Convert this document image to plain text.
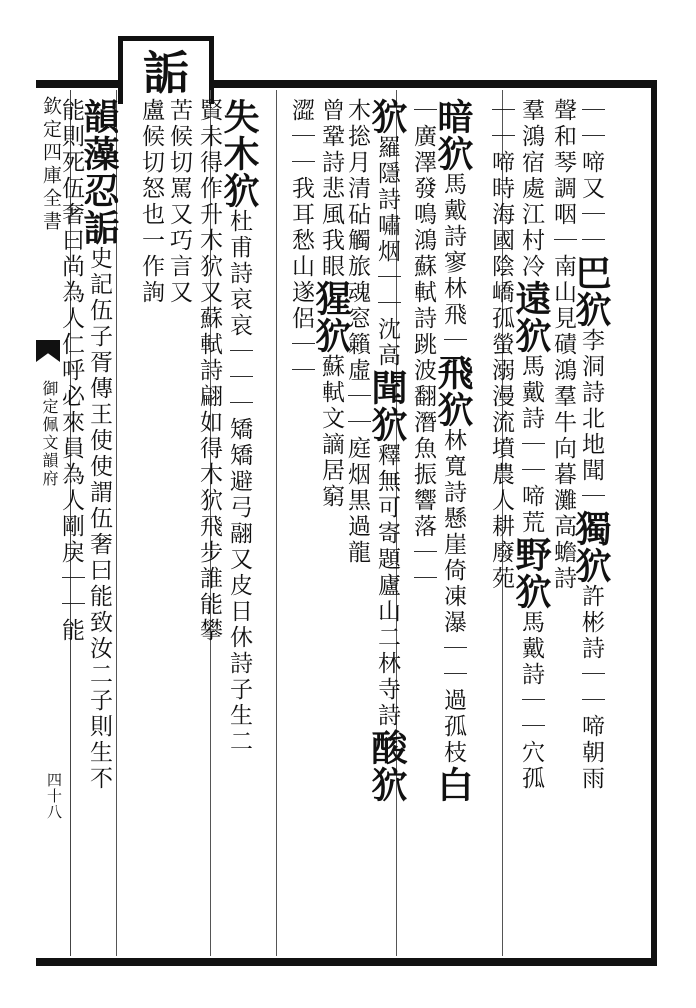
詬
欽定四庫全書
御定佩文韻府
四十八
｜｜啼又｜｜巴狖李洞詩北地聞｜獨狖許彬詩｜｜啼朝雨
聲和琴調咽｜南山見磧鴻羣牛向暮灘高蟾詩
羣鴻宿處江村冷遠狖馬戴詩｜｜啼荒野狖馬戴詩｜｜穴孤
｜｜啼時海國陰嶠孤螢溺漫流墳農人耕廢苑
暗狖馬戴詩寥林飛｜飛狖林寬詩懸崖倚凍瀑｜｜過孤枝白
｜廣澤發鳴鴻蘇軾詩跳波翻潛魚振響落｜｜
狖羅隱詩嘯烟｜｜沈高聞狖釋無可寄題廬山二林寺詩酸狖
木捴月清砧觸旅魂窓籟虛｜｜庭烟黒過龍
曾鞏詩悲風我眼猩狖蘇軾文謫居窮
澀｜｜我耳愁山遂侶｜｜
失木狖杜甫詩哀哀｜｜｜矯矯避弓翮又皮日休詩子生二
賢未得作升木狖又蘇軾詩翩如得木狖飛步誰能攀
苦候切罵又巧言又
盧候切怒也一作詢
韻藻忍詬史記伍子胥傳王使使謂伍奢曰能致汝二子則生不
能則死伍奢曰尚為人仁呼必來員為人剛戾｜｜能
